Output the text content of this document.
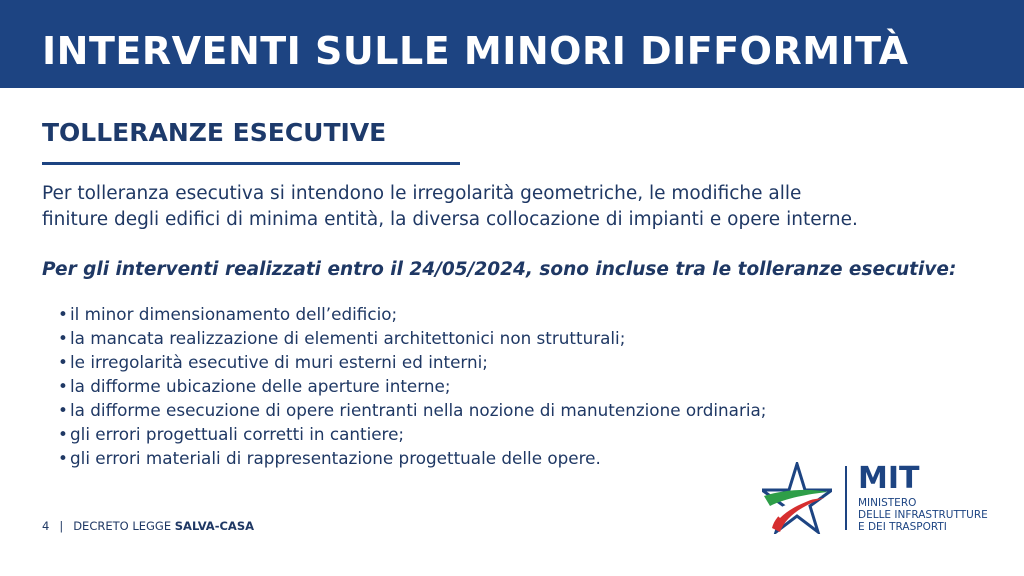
INTERVENTI SULLE MINORI DIFFORMITÀ
TOLLERANZE ESECUTIVE

Per tolleranza esecutiva si intendono le irregolarità geometriche, le modifiche alle

finiture degli edifici di minima entità, la diversa collocazione di impianti e opere interne.

Per gli interventi realizzati entro il 24/05/2024, sono incluse tra le tolleranze esecutive:
• il minor dimensionamento dell’edificio;
• la mancata realizzazione di elementi architettonici non strutturali;
• le irregolarità esecutive di muri esterni ed interni;
• la difforme ubicazione delle aperture interne;
• la difforme esecuzione di opere rientranti nella nozione di manutenzione ordinaria;
• gli errori progettuali corretti in cantiere;
• gli errori materiali di rappresentazione progettuale delle opere.
4 | DECRETO LEGGE SALVA-CASA
MIT
MINISTERO
DELLE INFRASTRUTTURE
E DEI TRASPORTI
